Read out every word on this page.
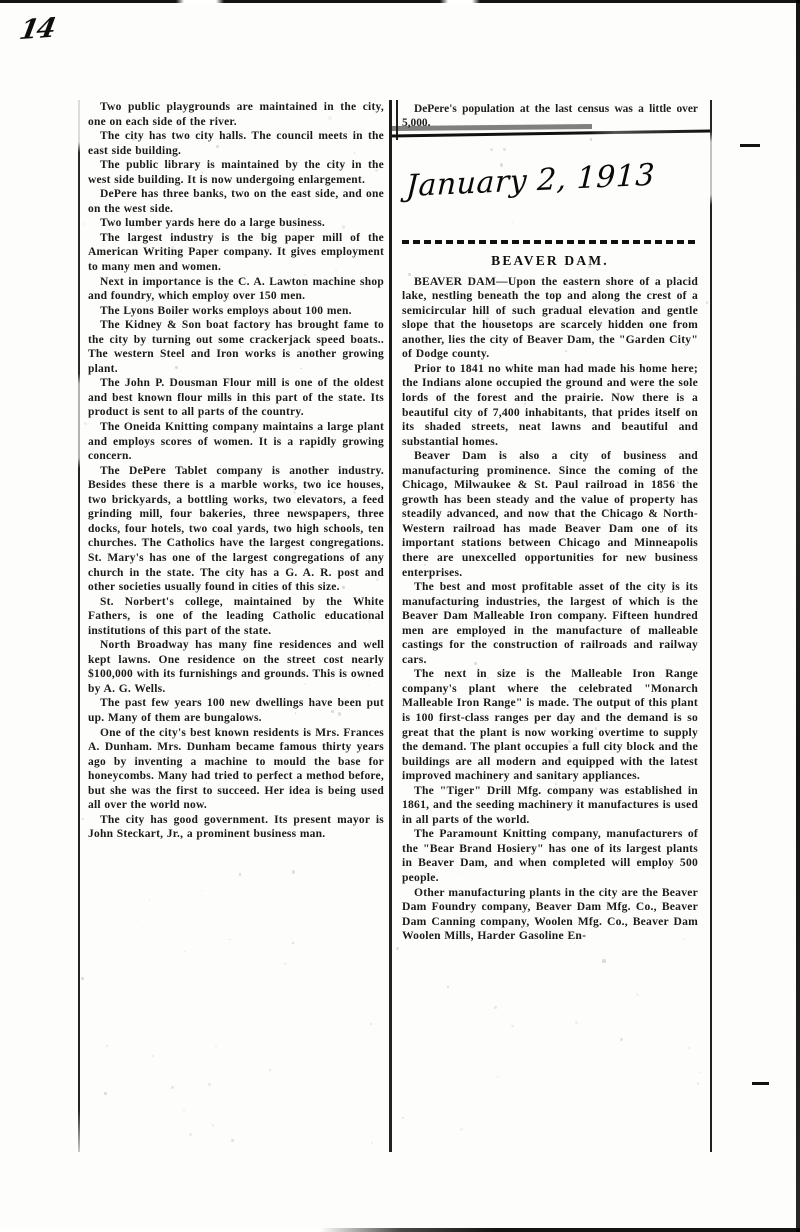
14

Two public playgrounds are maintained in the city, one on each side of the river.

The city has two city halls. The council meets in the east side building.

The public library is maintained by the city in the west side building. It is now undergoing enlargement.

DePere has three banks, two on the east side, and one on the west side.

Two lumber yards here do a large business.

The largest industry is the big paper mill of the American Writing Paper company. It gives employment to many men and women.

Next in importance is the C. A. Lawton machine shop and foundry, which employ over 150 men.

The Lyons Boiler works employs about 100 men.

The Kidney & Son boat factory has brought fame to the city by turning out some crackerjack speed boats.. The western Steel and Iron works is another growing plant.

The John P. Dousman Flour mill is one of the oldest and best known flour mills in this part of the state. Its product is sent to all parts of the country.

The Oneida Knitting company maintains a large plant and employs scores of women. It is a rapidly growing concern.

The DePere Tablet company is another industry. Besides these there is a marble works, two ice houses, two brickyards, a bottling works, two elevators, a feed grinding mill, four bakeries, three newspapers, three docks, four hotels, two coal yards, two high schools, ten churches. The Catholics have the largest congregations. St. Mary's has one of the largest congregations of any church in the state. The city has a G. A. R. post and other societies usually found in cities of this size.

St. Norbert's college, maintained by the White Fathers, is one of the leading Catholic educational institutions of this part of the state.

North Broadway has many fine residences and well kept lawns. One residence on the street cost nearly $100,000 with its furnishings and grounds. This is owned by A. G. Wells.

The past few years 100 new dwellings have been put up. Many of them are bungalows.

One of the city's best known residents is Mrs. Frances A. Dunham. Mrs. Dunham became famous thirty years ago by inventing a machine to mould the base for honeycombs. Many had tried to perfect a method before, but she was the first to succeed. Her idea is being used all over the world now.

The city has good government. Its present mayor is John Steckart, Jr., a prominent business man.

DePere's population at the last census was a little over 5,000.

January 2, 1913
BEAVER DAM.

BEAVER DAM—Upon the eastern shore of a placid lake, nestling beneath the top and along the crest of a semicircular hill of such gradual elevation and gentle slope that the housetops are scarcely hidden one from another, lies the city of Beaver Dam, the "Garden City" of Dodge county.

Prior to 1841 no white man had made his home here; the Indians alone occupied the ground and were the sole lords of the forest and the prairie. Now there is a beautiful city of 7,400 inhabitants, that prides itself on its shaded streets, neat lawns and beautiful and substantial homes.

Beaver Dam is also a city of business and manufacturing prominence. Since the coming of the Chicago, Milwaukee & St. Paul railroad in 1856 the growth has been steady and the value of property has steadily advanced, and now that the Chicago & North-Western railroad has made Beaver Dam one of its important stations between Chicago and Minneapolis there are unexcelled opportunities for new business enterprises.

The best and most profitable asset of the city is its manufacturing industries, the largest of which is the Beaver Dam Malleable Iron company. Fifteen hundred men are employed in the manufacture of malleable castings for the construction of railroads and railway cars.

The next in size is the Malleable Iron Range company's plant where the celebrated "Monarch Malleable Iron Range" is made. The output of this plant is 100 first-class ranges per day and the demand is so great that the plant is now working overtime to supply the demand. The plant occupies a full city block and the buildings are all modern and equipped with the latest improved machinery and sanitary appliances.

The "Tiger" Drill Mfg. company was established in 1861, and the seeding machinery it manufactures is used in all parts of the world.

The Paramount Knitting company, manufacturers of the "Bear Brand Hosiery" has one of its largest plants in Beaver Dam, and when completed will employ 500 people.

Other manufacturing plants in the city are the Beaver Dam Foundry company, Beaver Dam Mfg. Co., Beaver Dam Canning company, Woolen Mfg. Co., Beaver Dam Woolen Mills, Harder Gasoline En-
